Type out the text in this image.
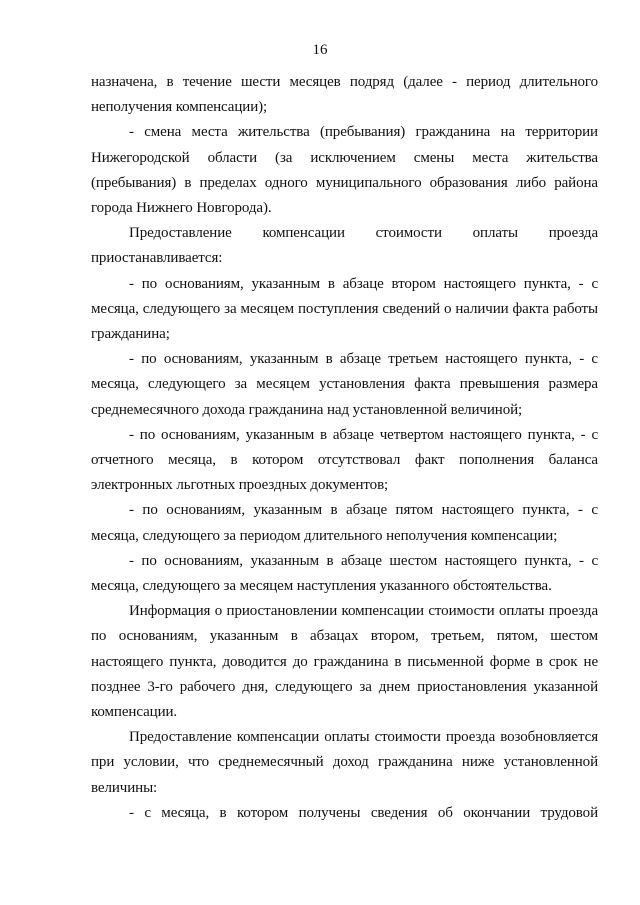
16

назначена, в течение шести месяцев подряд (далее - период длительного неполучения компенсации);

- смена места жительства (пребывания) гражданина на территории Нижегородской области (за исключением смены места жительства (пребывания) в пределах одного муниципального образования либо района города Нижнего Новгорода).

Предоставление компенсации стоимости оплаты проезда приостанавливается:

- по основаниям, указанным в абзаце втором настоящего пункта, - с месяца, следующего за месяцем поступления сведений о наличии факта работы гражданина;

- по основаниям, указанным в абзаце третьем настоящего пункта, - с месяца, следующего за месяцем установления факта превышения размера среднемесячного дохода гражданина над установленной величиной;

- по основаниям, указанным в абзаце четвертом настоящего пункта, - с отчетного месяца, в котором отсутствовал факт пополнения баланса электронных льготных проездных документов;

- по основаниям, указанным в абзаце пятом настоящего пункта, - с месяца, следующего за периодом длительного неполучения компенсации;

- по основаниям, указанным в абзаце шестом настоящего пункта, - с месяца, следующего за месяцем наступления указанного обстоятельства.

Информация о приостановлении компенсации стоимости оплаты проезда по основаниям, указанным в абзацах втором, третьем, пятом, шестом настоящего пункта, доводится до гражданина в письменной форме в срок не позднее 3-го рабочего дня, следующего за днем приостановления указанной компенсации.

Предоставление компенсации оплаты стоимости проезда возобновляется при условии, что среднемесячный доход гражданина ниже установленной величины:

- с месяца, в котором получены сведения об окончании трудовой
